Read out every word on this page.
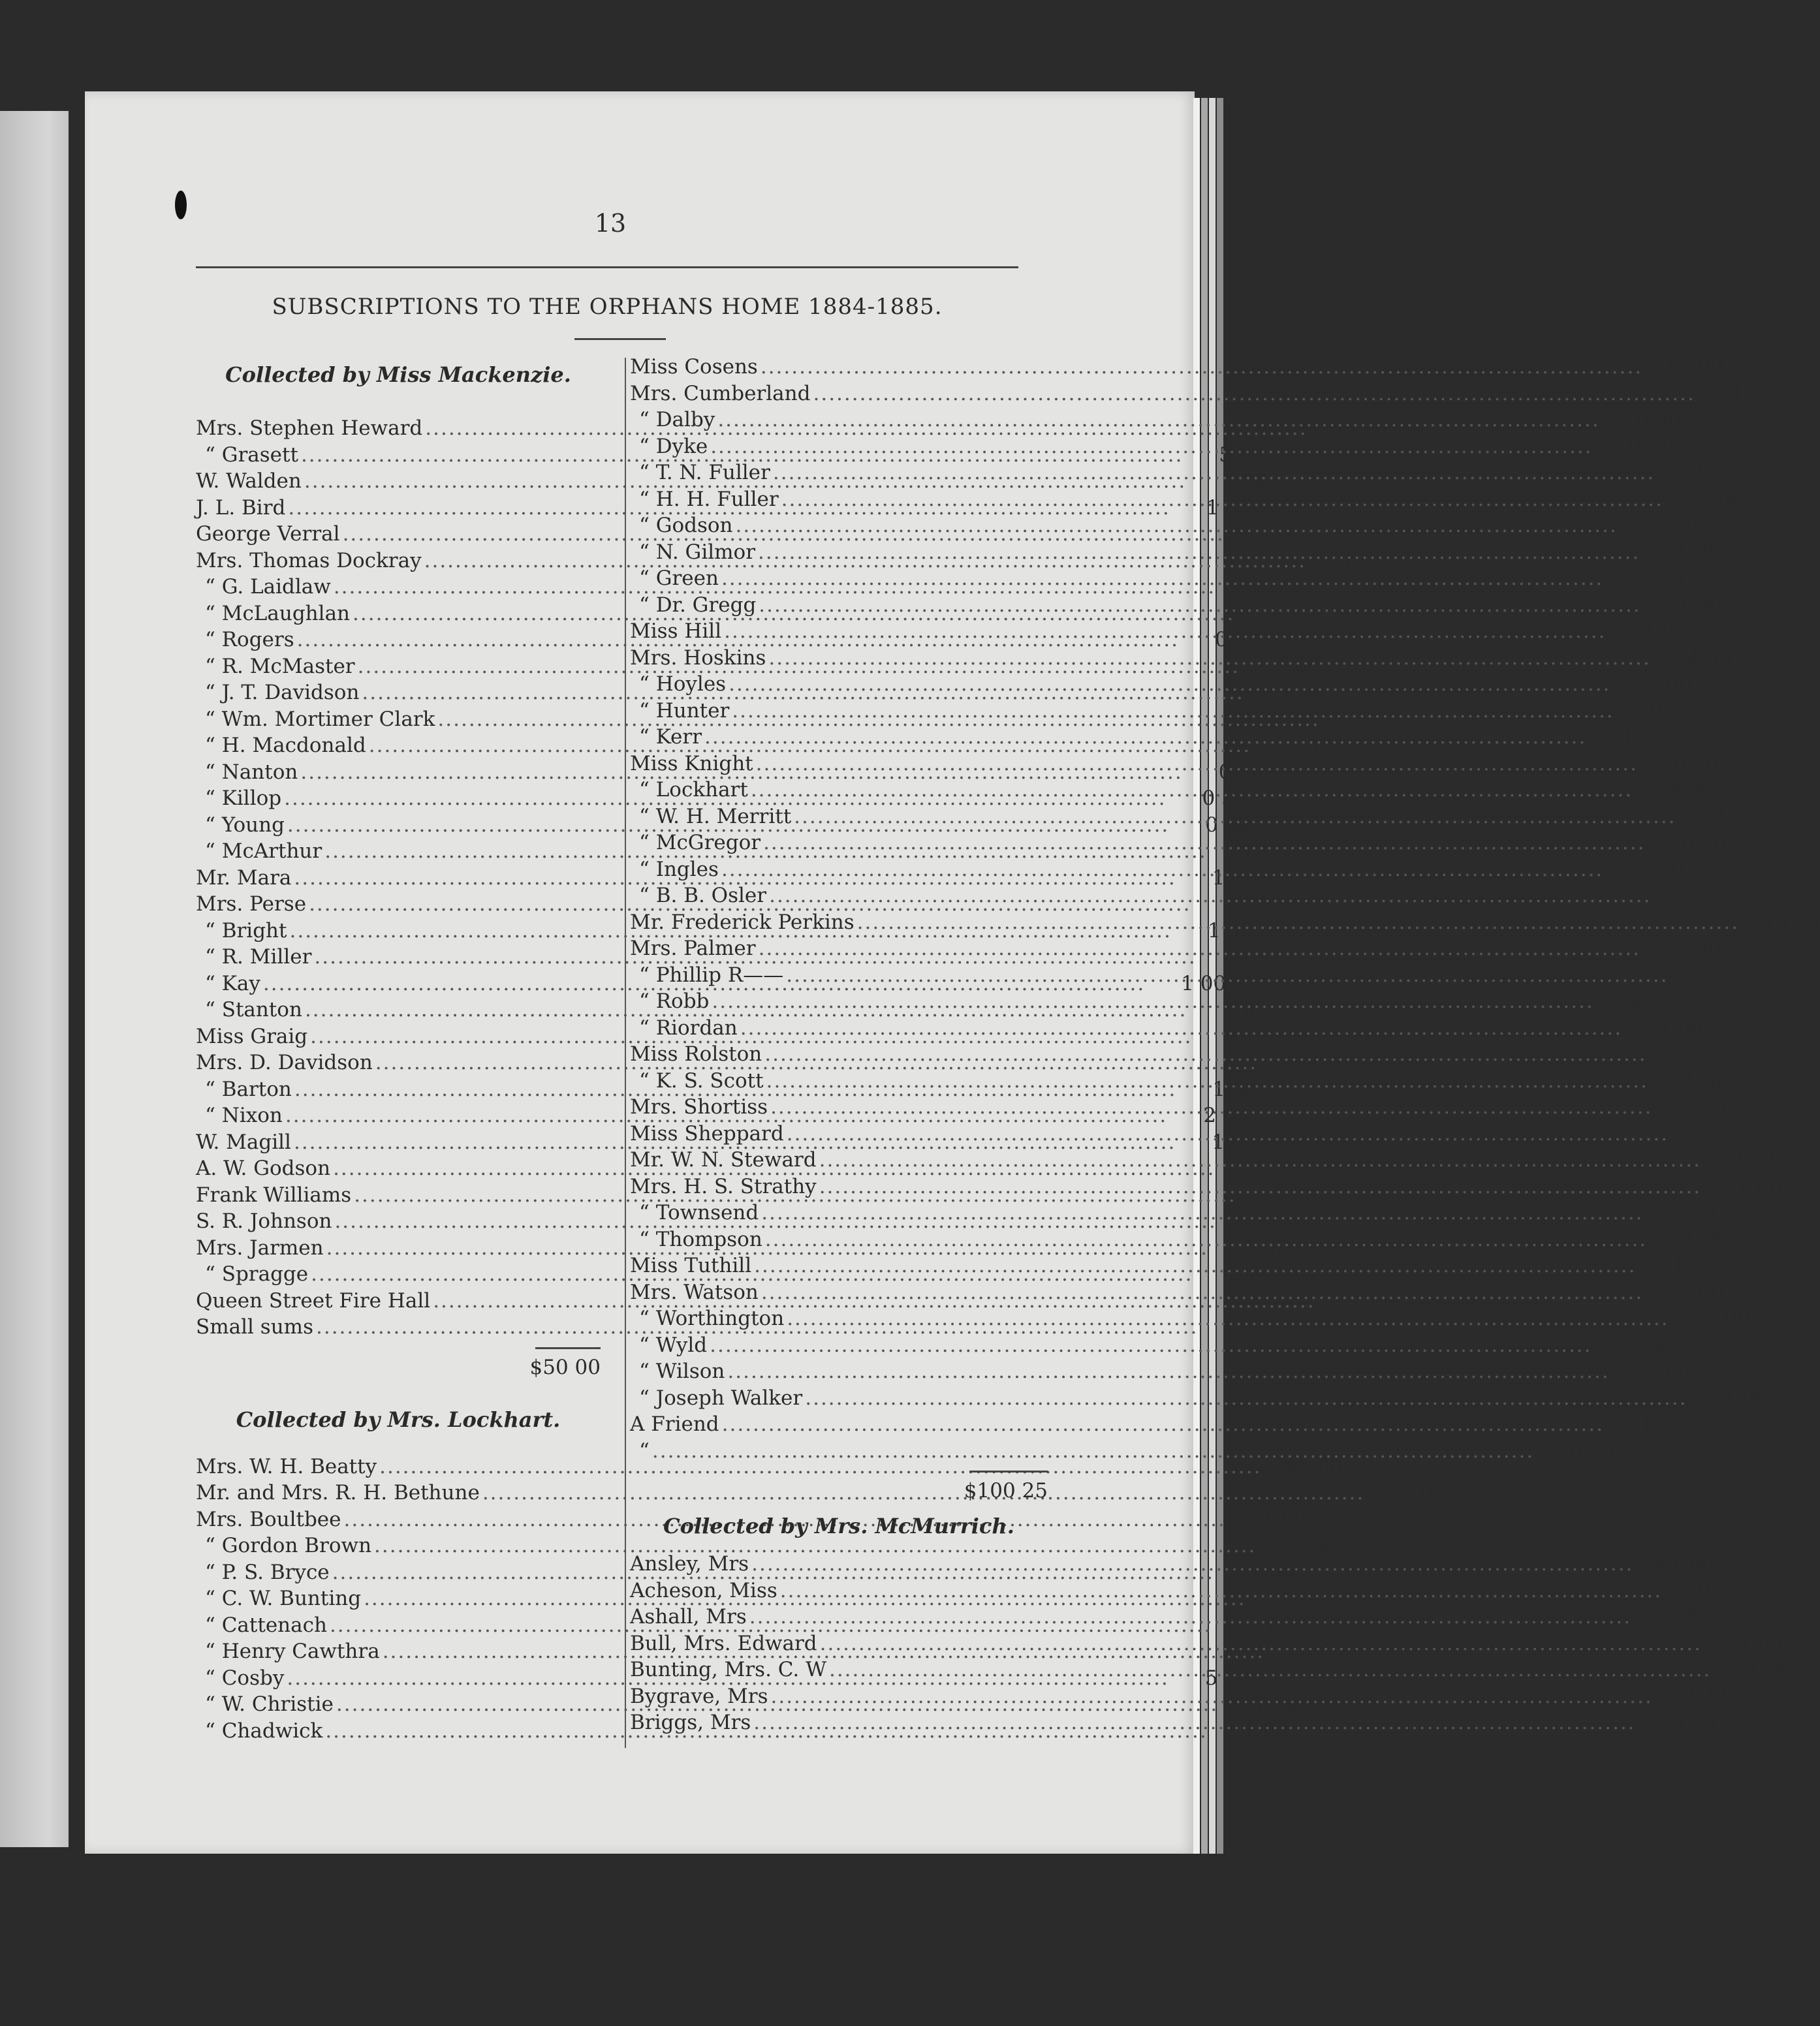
13
SUBSCRIPTIONS TO THE ORPHANS HOME 1884-1885.
Collected by Miss Mackenzie.
Mrs. Stephen Heward .....	$5 00
“ Grasett .....	5 00
W. Walden .....	1 00
J. L. Bird .....	1 00
George Verral .....	1 00
Mrs. Thomas Dockray .....	1 00
“ G. Laidlaw .....	2 00
“ McLaughlan .....	0 50
“ Rogers .....	0 50
“ R. McMaster .....	1 00
“ J. T. Davidson .....	1 00
“ Wm. Mortimer Clark .....	5 00
“ H. Macdonald .....	1 00
“ Nanton .....	0 50
“ Killop .....	0 50
“ Young .....	0 50
“ McArthur .....	1 00
Mr. Mara .....	1 00
Mrs. Perse .....	0 75
“ Bright .....	1 00
“ R. Miller .....	0 50
“ Kay .....	1 00
“ Stanton .....	1 00
Miss Graig .....	1 00
Mrs. D. Davidson .....	1 00
“ Barton .....	1 00
“ Nixon .....	2 00
W. Magill .....	1 00
A. W. Godson .....	2 00
Frank Williams .....	1 00
S. R. Johnson .....	1 00
Mrs. Jarmen .....	1 00
“ Spragge .....	2 00
Queen Street Fire Hall .....	1 00
Small sums .....	3 25
$50 00
Collected by Mrs. Lockhart.
Mrs. W. H. Beatty .....	$5 00
Mr. and Mrs. R. H. Bethune .....	5 00
Mrs. Boultbee .....	1 00
“ Gordon Brown .....	1 00
“ P. S. Bryce .....	1 00
“ C. W. Bunting .....	1 00
“ Cattenach .....	1 00
“ Henry Cawthra .....	10 00
“ Cosby .....	5 00
“ W. Christie .....	1 00
“ Chadwick .....	1 00
Miss Cosens .....	$2 00
Mrs. Cumberland .....	1 00
“ Dalby .....	0 50
“ Dyke .....	0 50
“ T. N. Fuller .....	2 00
“ H. H. Fuller .....	2 00
“ Godson .....	2 00
“ N. Gilmor .....	1 00
“ Green .....	2 00
“ Dr. Gregg .....	1 00
Miss Hill .....	1 00
Mrs. Hoskins .....	4 00
“ Hoyles .....	1 00
“ Hunter .....	0 75
“ Kerr .....	1 00
Miss Knight .....	0 50
“ Lockhart .....	4 00
“ W. H. Merritt .....	2 00
“ McGregor .....	0 50
“ Ingles .....	2 00
“ B. B. Osler .....	2 00
Mr. Frederick Perkins .....	10 00
Mrs. Palmer .....	1 00
“ Phillip R—— .....	0 25
“ Robb .....	2 00
“ Riordan .....	1 00
Miss Rolston .....	0 50
“ K. S. Scott .....	1 00
Mrs. Shortiss .....	0 50
Miss Sheppard .....	0 50
Mr. W. N. Steward .....	0 50
Mrs. H. S. Strathy .....	1 00
“ Townsend .....	1 00
“ Thompson .....	1 00
Miss Tuthill .....	1 00
Mrs. Watson .....	1 00
“ Worthington .....	5 00
“ Wyld .....	1 00
“ Wilson .....	5 00
“ Joseph Walker .....	1 00
A Friend .....	1 00
“ .....	0 25
$100 25
Collected by Mrs. McMurrich.
Ansley, Mrs .....	$1 00
Acheson, Miss .....	0 25
Ashall, Mrs .....	0 50
Bull, Mrs. Edward .....	1 00
Bunting, Mrs. C. W .....	1 00
Bygrave, Mrs .....	0 50
Briggs, Mrs .....	0 25
